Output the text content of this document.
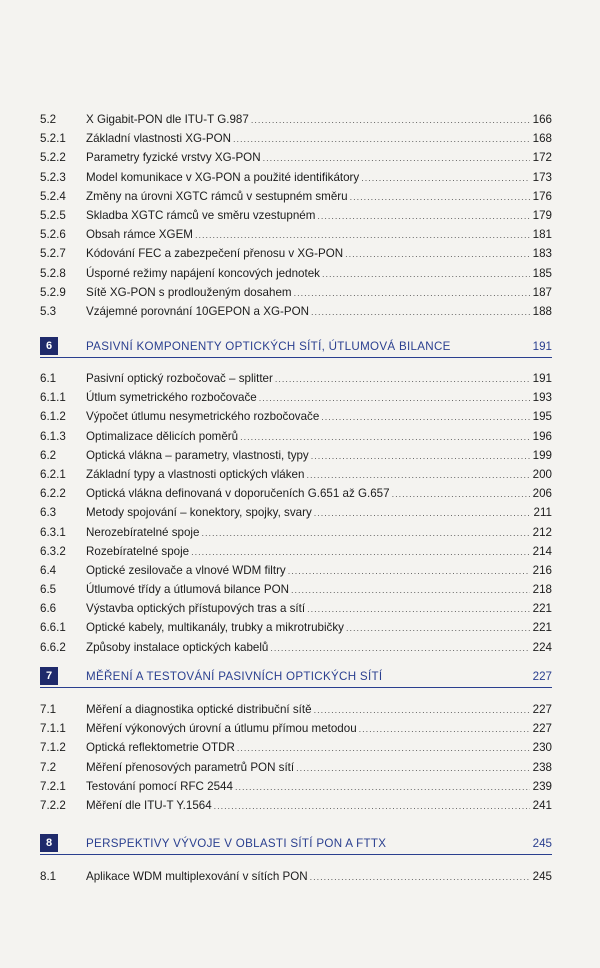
5.2	X Gigabit-PON dle ITU-T G.987 .....	166
5.2.1	Základní vlastnosti XG-PON .....	168
5.2.2	Parametry fyzické vrstvy XG-PON .....	172
5.2.3	Model komunikace v XG-PON a použité identifikátory .....	173
5.2.4	Změny na úrovni XGTC rámců v sestupném směru .....	176
5.2.5	Skladba XGTC rámců ve směru vzestupném .....	179
5.2.6	Obsah rámce XGEM .....	181
5.2.7	Kódování FEC a zabezpečení přenosu v XG-PON .....	183
5.2.8	Úsporné režimy napájení koncových jednotek .....	185
5.2.9	Sítě XG-PON s prodlouženým dosahem .....	187
5.3	Vzájemné porovnání 10GEPON a XG-PON .....	188
6	PASIVNÍ KOMPONENTY OPTICKÝCH SÍTÍ, ÚTLUMOVÁ BILANCE	191
6.1	Pasivní optický rozbočovač – splitter .....	191
6.1.1	Útlum symetrického rozbočovače .....	193
6.1.2	Výpočet útlumu nesymetrického rozbočovače .....	195
6.1.3	Optimalizace dělicích poměrů .....	196
6.2	Optická vlákna – parametry, vlastnosti, typy .....	199
6.2.1	Základní typy a vlastnosti optických vláken .....	200
6.2.2	Optická vlákna definovaná v doporučeních G.651 až G.657 .....	206
6.3	Metody spojování – konektory, spojky, svary .....	211
6.3.1	Nerozebíratelné spoje .....	212
6.3.2	Rozebíratelné spoje .....	214
6.4	Optické zesilovače a vlnové WDM filtry .....	216
6.5	Útlumové třídy a útlumová bilance PON .....	218
6.6	Výstavba optických přístupových tras a sítí .....	221
6.6.1	Optické kabely, multikanály, trubky a mikrotrubičky .....	221
6.6.2	Způsoby instalace optických kabelů .....	224
7	MĚŘENÍ A TESTOVÁNÍ PASIVNÍCH OPTICKÝCH SÍTÍ	227
7.1	Měření a diagnostika optické distribuční sítě .....	227
7.1.1	Měření výkonových úrovní a útlumu přímou metodou .....	227
7.1.2	Optická reflektometrie OTDR .....	230
7.2	Měření přenosových parametrů PON sítí .....	238
7.2.1	Testování pomocí RFC 2544 .....	239
7.2.2	Měření dle ITU-T Y.1564 .....	241
8	PERSPEKTIVY VÝVOJE V OBLASTI SÍTÍ PON A FTTX	245
8.1	Aplikace WDM multiplexování v sítích PON .....	245
